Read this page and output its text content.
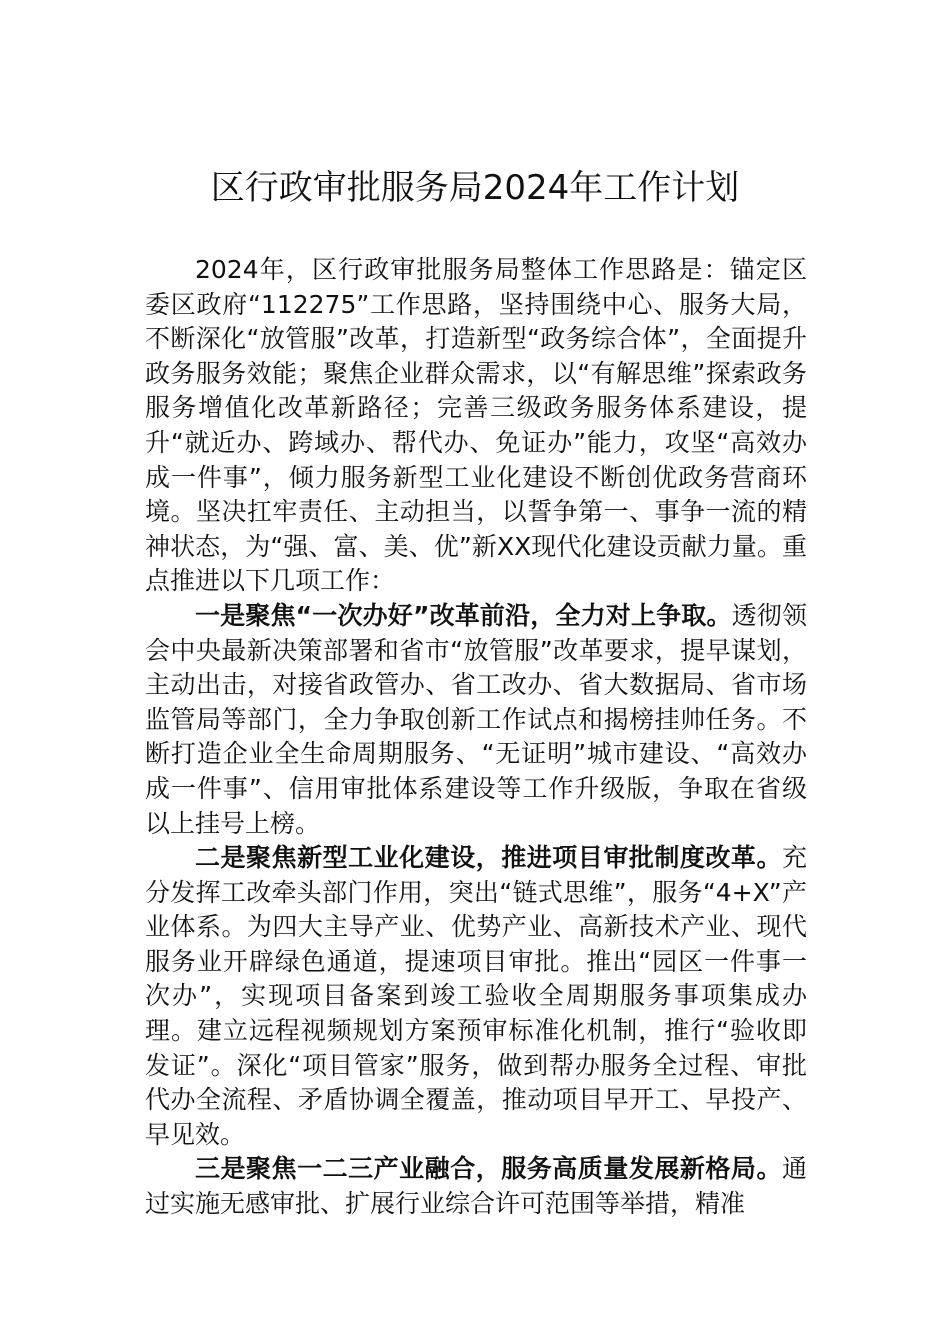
区行政审批服务局2024年工作计划

2024年，区行政审批服务局整体工作思路是：锚定区委区政府“112275”工作思路，坚持围绕中心、服务大局，不断深化“放管服”改革，打造新型“政务综合体”，全面提升政务服务效能；聚焦企业群众需求，以“有解思维”探索政务服务增值化改革新路径；完善三级政务服务体系建设，提升“就近办、跨域办、帮代办、免证办”能力，攻坚“高效办成一件事”，倾力服务新型工业化建设不断创优政务营商环境。坚决扛牢责任、主动担当，以誓争第一、事争一流的精神状态，为“强、富、美、优”新XX现代化建设贡献力量。重点推进以下几项工作：

一是聚焦“一次办好”改革前沿，全力对上争取。透彻领会中央最新决策部署和省市“放管服”改革要求，提早谋划，主动出击，对接省政管办、省工改办、省大数据局、省市场监管局等部门，全力争取创新工作试点和揭榜挂帅任务。不断打造企业全生命周期服务、“无证明”城市建设、“高效办成一件事”、信用审批体系建设等工作升级版，争取在省级以上挂号上榜。

二是聚焦新型工业化建设，推进项目审批制度改革。充分发挥工改牵头部门作用，突出“链式思维”，服务“4+X”产业体系。为四大主导产业、优势产业、高新技术产业、现代服务业开辟绿色通道，提速项目审批。推出“园区一件事一次办”，实现项目备案到竣工验收全周期服务事项集成办理。建立远程视频规划方案预审标准化机制，推行“验收即发证”。深化“项目管家”服务，做到帮办服务全过程、审批代办全流程、矛盾协调全覆盖，推动项目早开工、早投产、早见效。

三是聚焦一二三产业融合，服务高质量发展新格局。通过实施无感审批、扩展行业综合许可范围等举措，精准
